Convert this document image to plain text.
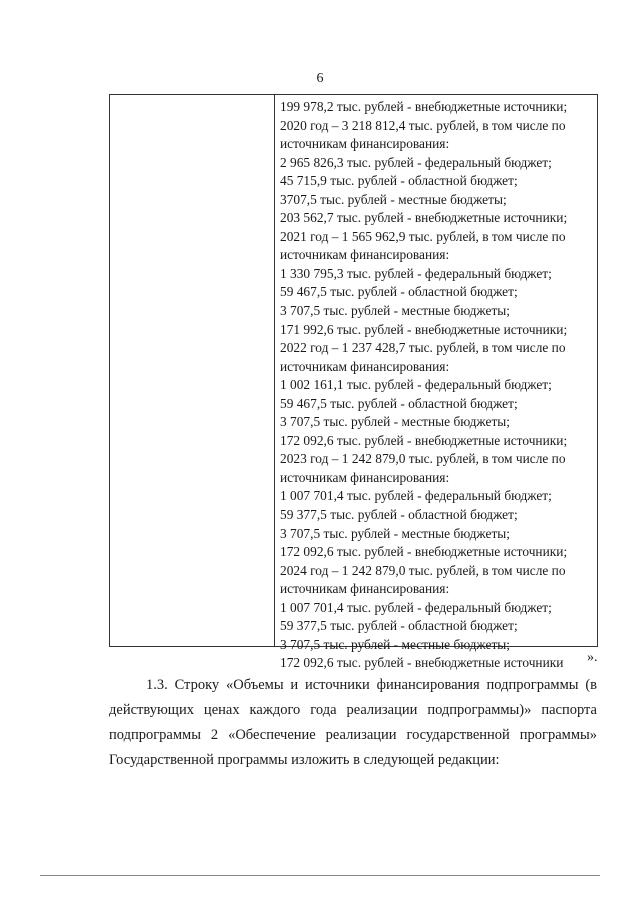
6
199 978,2 тыс. рублей - внебюджетные источники;
2020 год – 3 218 812,4 тыс. рублей, в том числе по
источникам финансирования:
2 965 826,3 тыс. рублей - федеральный бюджет;
45 715,9 тыс. рублей - областной бюджет;
3707,5 тыс. рублей - местные бюджеты;
203 562,7 тыс. рублей - внебюджетные источники;
2021 год – 1 565 962,9 тыс. рублей, в том числе по
источникам финансирования:
1 330 795,3 тыс. рублей - федеральный бюджет;
59 467,5 тыс. рублей - областной бюджет;
3 707,5 тыс. рублей - местные бюджеты;
171 992,6 тыс. рублей - внебюджетные источники;
2022 год – 1 237 428,7 тыс. рублей, в том числе по
источникам финансирования:
1 002 161,1 тыс. рублей - федеральный бюджет;
59 467,5 тыс. рублей - областной бюджет;
3 707,5 тыс. рублей - местные бюджеты;
172 092,6 тыс. рублей - внебюджетные источники;
2023 год – 1 242 879,0 тыс. рублей, в том числе по
источникам финансирования:
1 007 701,4 тыс. рублей - федеральный бюджет;
59 377,5 тыс. рублей - областной бюджет;
3 707,5 тыс. рублей - местные бюджеты;
172 092,6 тыс. рублей - внебюджетные источники;
2024 год – 1 242 879,0 тыс. рублей, в том числе по
источникам финансирования:
1 007 701,4 тыс. рублей - федеральный бюджет;
59 377,5 тыс. рублей - областной бюджет;
3 707,5 тыс. рублей - местные бюджеты;
172 092,6 тыс. рублей - внебюджетные источники	».
1.3. Строку «Объемы и источники финансирования подпрограммы (в
действующих ценах каждого года реализации подпрограммы)» паспорта
подпрограммы 2 «Обеспечение реализации государственной программы»
Государственной программы изложить в следующей редакции:
